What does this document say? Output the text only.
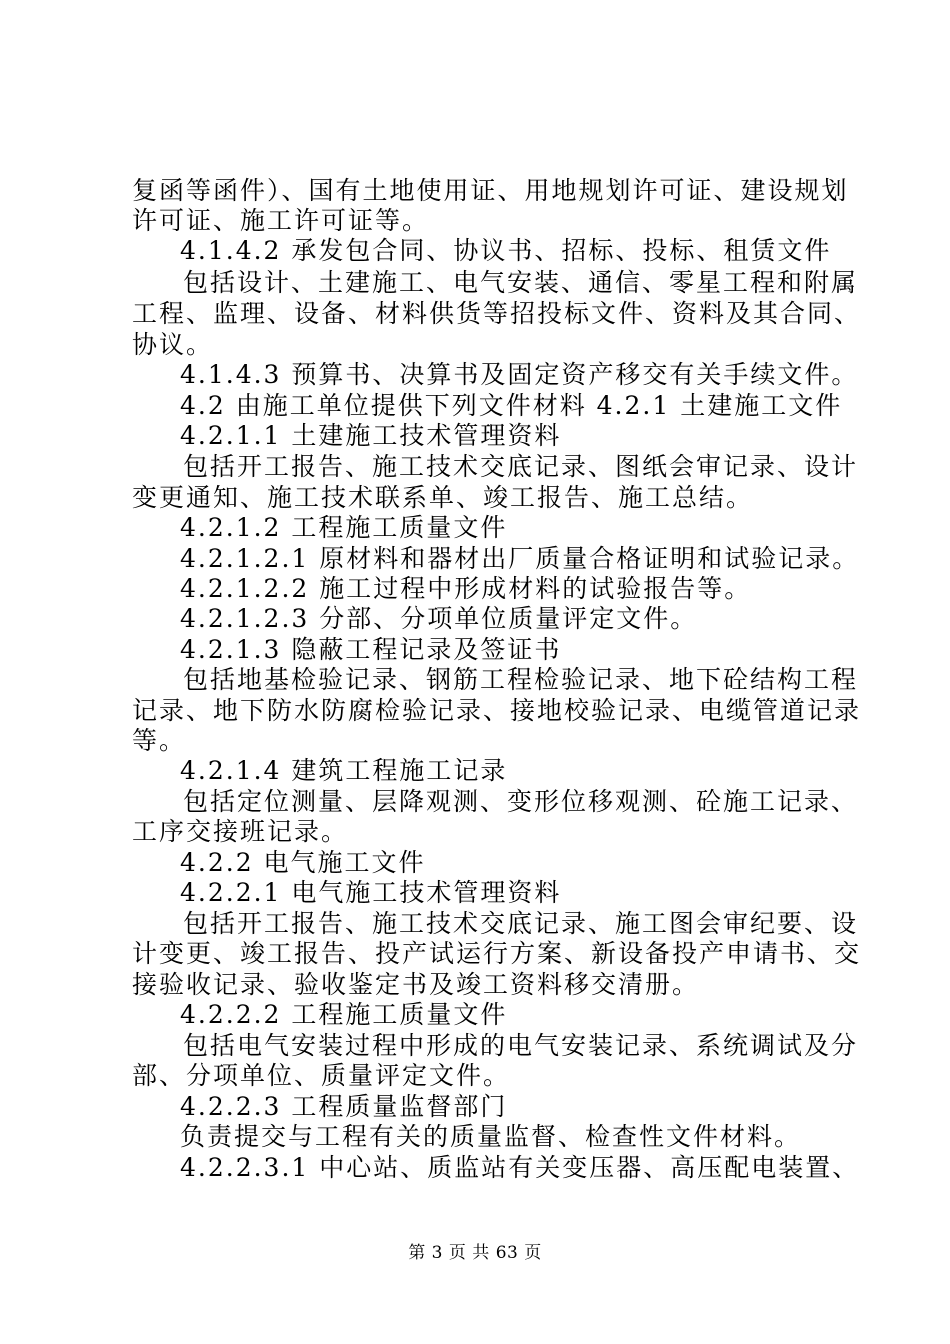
复函等函件）、国有土地使用证、用地规划许可证、建设规划
许可证、施工许可证等。
4.1.4.2 承发包合同、协议书、招标、投标、租赁文件
包括设计、土建施工、电气安装、通信、零星工程和附属
工程、监理、设备、材料供货等招投标文件、资料及其合同、
协议。
4.1.4.3 预算书、决算书及固定资产移交有关手续文件。
4.2 由施工单位提供下列文件材料 4.2.1 土建施工文件
4.2.1.1 土建施工技术管理资料
包括开工报告、施工技术交底记录、图纸会审记录、设计
变更通知、施工技术联系单、竣工报告、施工总结。
4.2.1.2 工程施工质量文件
4.2.1.2.1 原材料和器材出厂质量合格证明和试验记录。
4.2.1.2.2 施工过程中形成材料的试验报告等。
4.2.1.2.3 分部、分项单位质量评定文件。
4.2.1.3 隐蔽工程记录及签证书
包括地基检验记录、钢筋工程检验记录、地下砼结构工程
记录、地下防水防腐检验记录、接地校验记录、电缆管道记录
等。
4.2.1.4 建筑工程施工记录
包括定位测量、层降观测、变形位移观测、砼施工记录、
工序交接班记录。
4.2.2 电气施工文件
4.2.2.1 电气施工技术管理资料
包括开工报告、施工技术交底记录、施工图会审纪要、设
计变更、竣工报告、投产试运行方案、新设备投产申请书、交
接验收记录、验收鉴定书及竣工资料移交清册。
4.2.2.2 工程施工质量文件
包括电气安装过程中形成的电气安装记录、系统调试及分
部、分项单位、质量评定文件。
4.2.2.3 工程质量监督部门
负责提交与工程有关的质量监督、检查性文件材料。
4.2.2.3.1 中心站、质监站有关变压器、高压配电装置、
第 3 页 共 63 页
